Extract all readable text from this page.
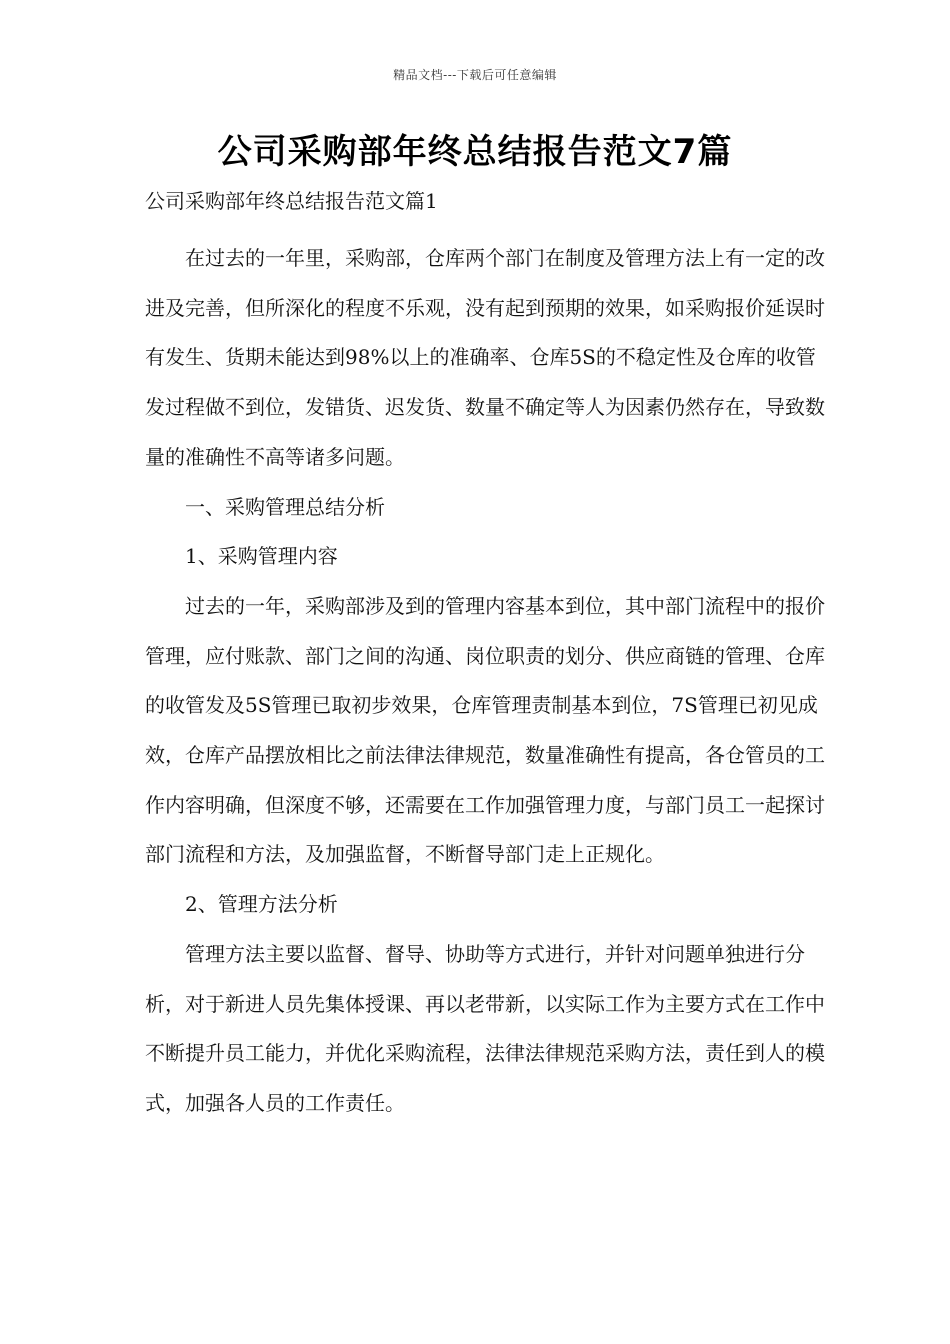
精品文档---下载后可任意编辑
公司采购部年终总结报告范文7篇

公司采购部年终总结报告范文篇1

在过去的一年里，采购部，仓库两个部门在制度及管理方法上有一定的改进及完善，但所深化的程度不乐观，没有起到预期的效果，如采购报价延误时有发生、货期未能达到98%以上的准确率、仓库5S的不稳定性及仓库的收管发过程做不到位，发错货、迟发货、数量不确定等人为因素仍然存在，导致数量的准确性不高等诸多问题。

一、采购管理总结分析

1、采购管理内容

过去的一年，采购部涉及到的管理内容基本到位，其中部门流程中的报价管理，应付账款、部门之间的沟通、岗位职责的划分、供应商链的管理、仓库的收管发及5S管理已取初步效果，仓库管理责制基本到位，7S管理已初见成效，仓库产品摆放相比之前法律法律规范，数量准确性有提高，各仓管员的工作内容明确，但深度不够，还需要在工作加强管理力度，与部门员工一起探讨部门流程和方法，及加强监督，不断督导部门走上正规化。

2、管理方法分析

管理方法主要以监督、督导、协助等方式进行，并针对问题单独进行分析，对于新进人员先集体授课、再以老带新，以实际工作为主要方式在工作中不断提升员工能力，并优化采购流程，法律法律规范采购方法，责任到人的模式，加强各人员的工作责任。
